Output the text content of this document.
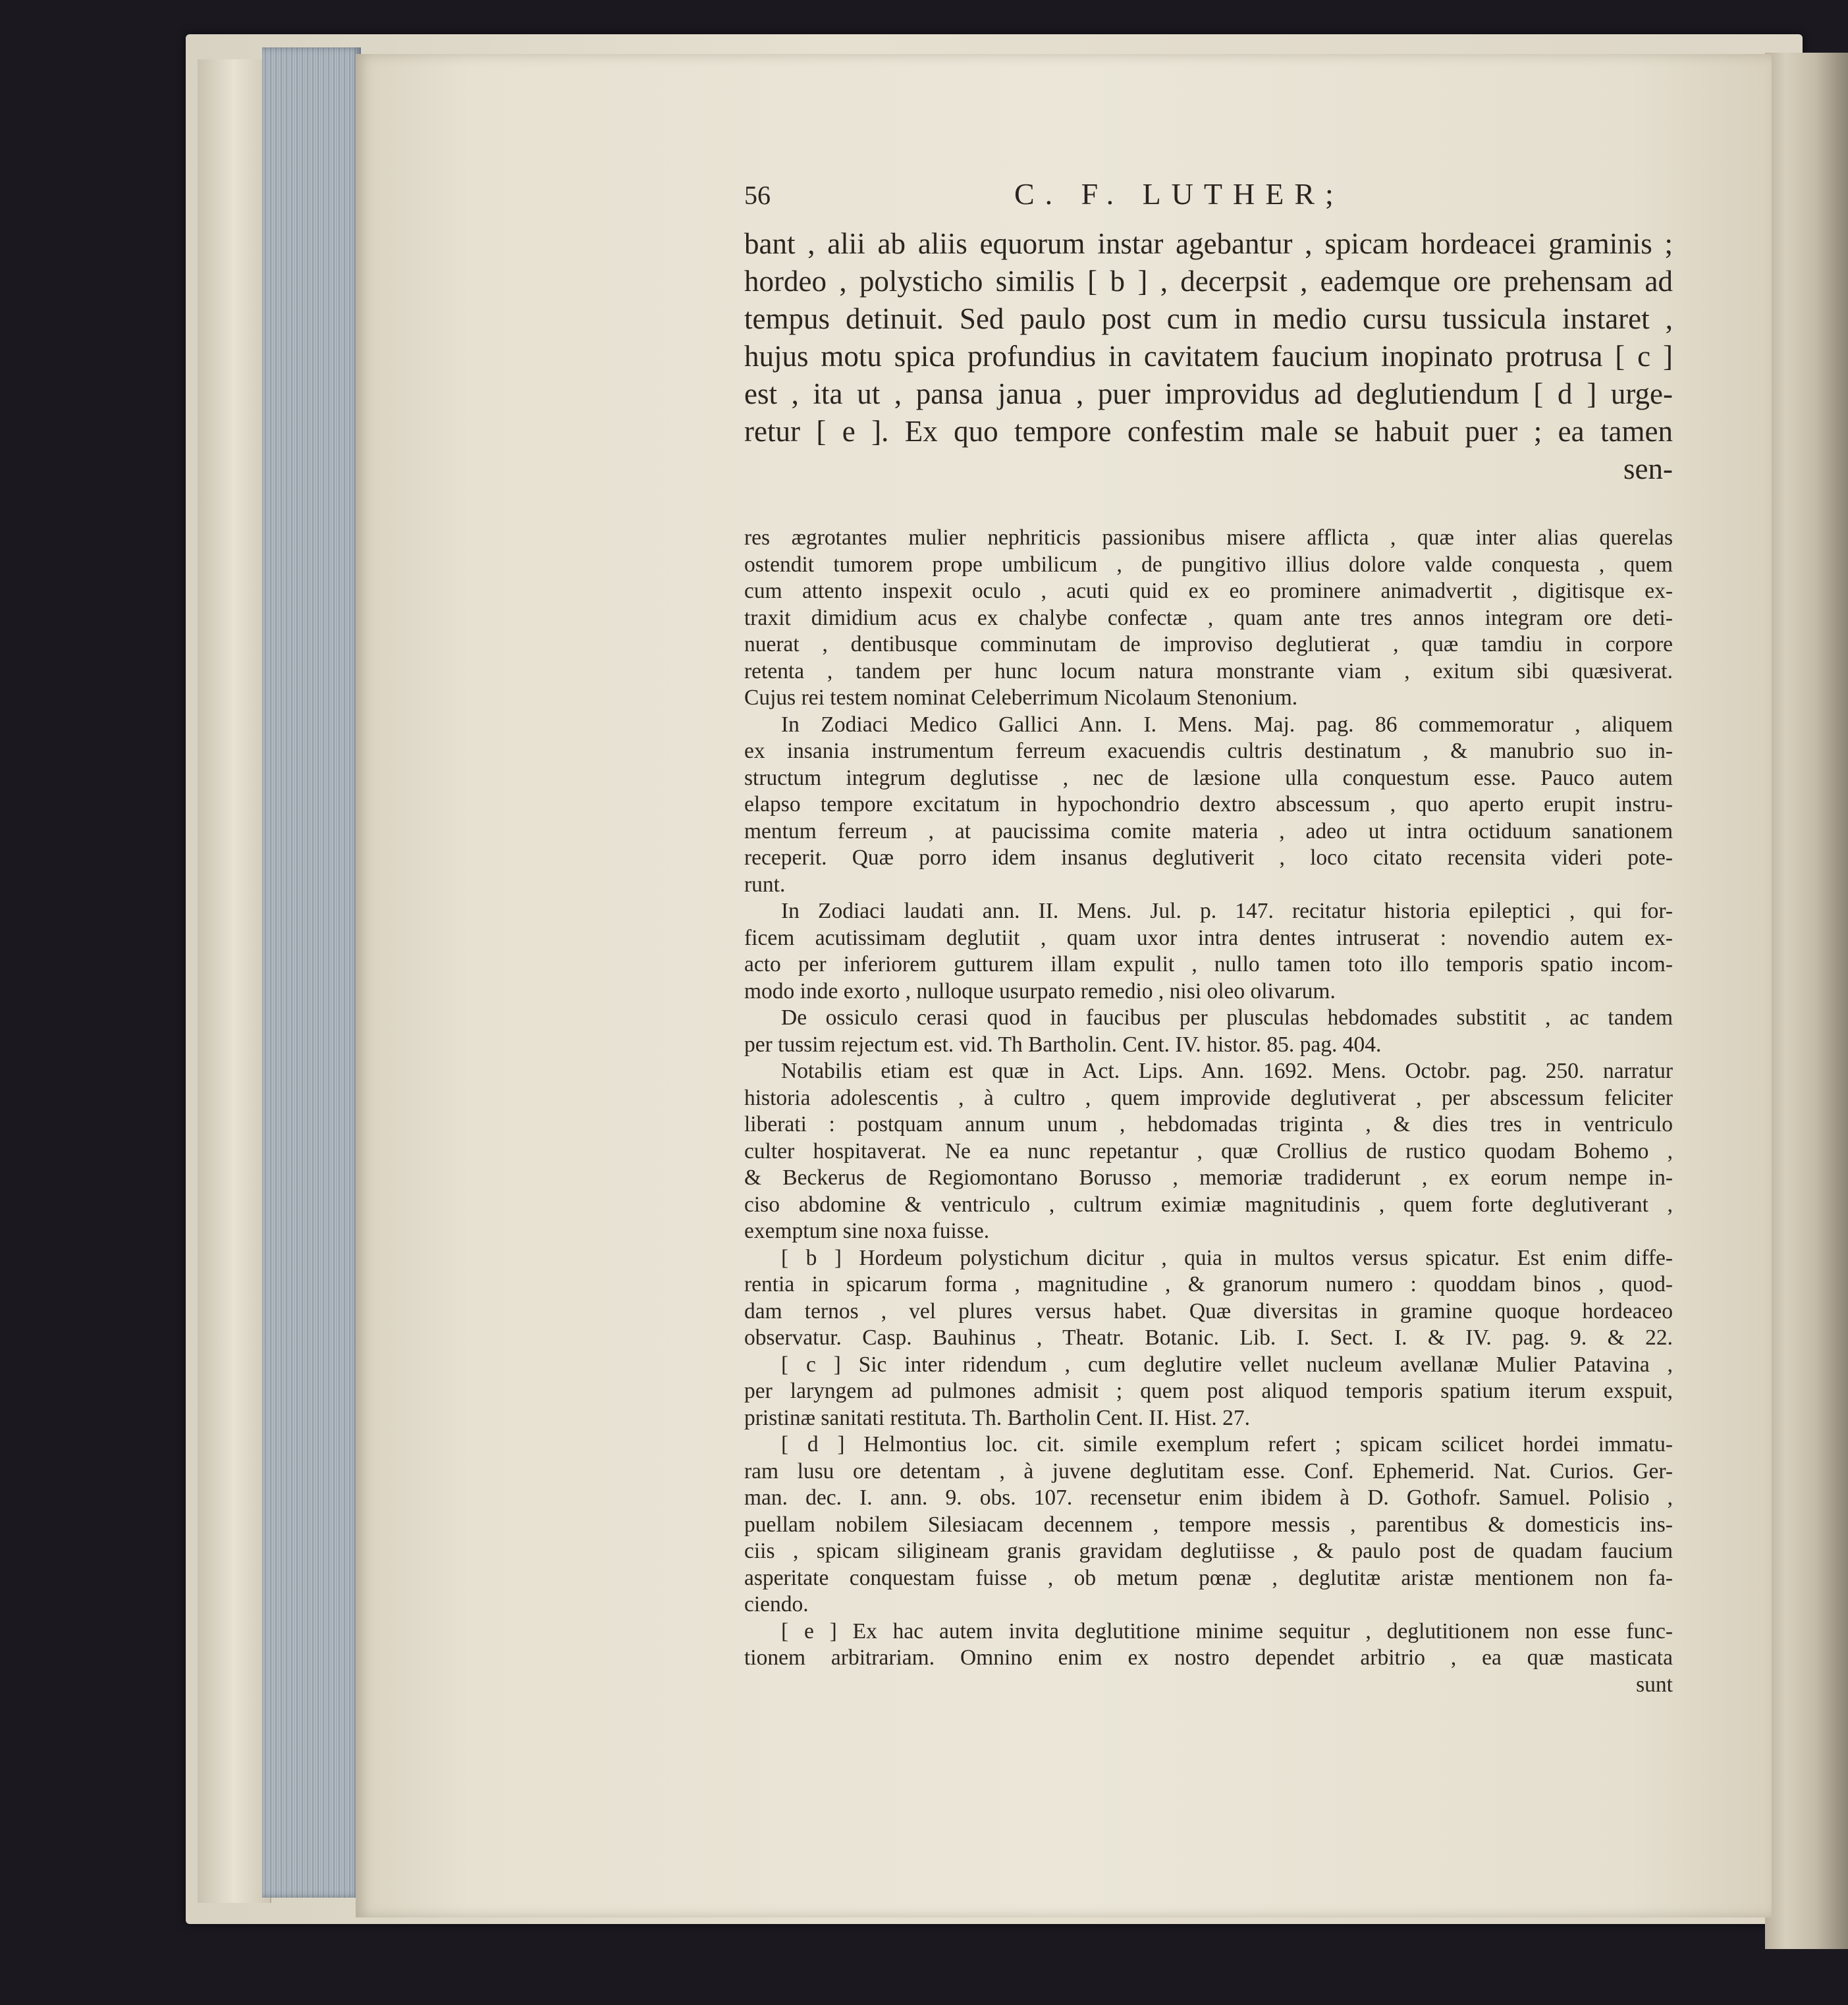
56	C. F. LUTHER;
bant , alii ab aliis equorum instar agebantur , spicam hordeacei graminis ;
hordeo , polysticho similis [ b ] , decerpsit , eademque ore prehensam ad
tempus detinuit. Sed paulo post cum in medio cursu tussicula instaret ,
hujus motu spica profundius in cavitatem faucium inopinato protrusa [ c ]
est , ita ut , pansa janua , puer improvidus ad deglutiendum [ d ] urge-
retur [ e ]. Ex quo tempore confestim male se habuit puer ; ea tamen
sen-
res ægrotantes mulier nephriticis passionibus misere afflicta , quæ inter alias querelas
ostendit tumorem prope umbilicum , de pungitivo illius dolore valde conquesta , quem
cum attento inspexit oculo , acuti quid ex eo prominere animadvertit , digitisque ex-
traxit dimidium acus ex chalybe confectæ , quam ante tres annos integram ore deti-
nuerat , dentibusque comminutam de improviso deglutierat , quæ tamdiu in corpore
retenta , tandem per hunc locum natura monstrante viam , exitum sibi quæsiverat.
Cujus rei testem nominat Celeberrimum Nicolaum Stenonium.
In Zodiaci Medico Gallici Ann. I. Mens. Maj. pag. 86 commemoratur , aliquem
ex insania instrumentum ferreum exacuendis cultris destinatum , & manubrio suo in-
structum integrum deglutisse , nec de læsione ulla conquestum esse. Pauco autem
elapso tempore excitatum in hypochondrio dextro abscessum , quo aperto erupit instru-
mentum ferreum , at paucissima comite materia , adeo ut intra octiduum sanationem
receperit. Quæ porro idem insanus deglutiverit , loco citato recensita videri pote-
runt.
In Zodiaci laudati ann. II. Mens. Jul. p. 147. recitatur historia epileptici , qui for-
ficem acutissimam deglutiit , quam uxor intra dentes intruserat : novendio autem ex-
acto per inferiorem gutturem illam expulit , nullo tamen toto illo temporis spatio incom-
modo inde exorto , nulloque usurpato remedio , nisi oleo olivarum.
De ossiculo cerasi quod in faucibus per plusculas hebdomades substitit , ac tandem
per tussim rejectum est. vid. Th Bartholin. Cent. IV. histor. 85. pag. 404.
Notabilis etiam est quæ in Act. Lips. Ann. 1692. Mens. Octobr. pag. 250. narratur
historia adolescentis , à cultro , quem improvide deglutiverat , per abscessum feliciter
liberati : postquam annum unum , hebdomadas triginta , & dies tres in ventriculo
culter hospitaverat. Ne ea nunc repetantur , quæ Crollius de rustico quodam Bohemo ,
& Beckerus de Regiomontano Borusso , memoriæ tradiderunt , ex eorum nempe in-
ciso abdomine & ventriculo , cultrum eximiæ magnitudinis , quem forte deglutiverant ,
exemptum sine noxa fuisse.
[ b ] Hordeum polystichum dicitur , quia in multos versus spicatur. Est enim diffe-
rentia in spicarum forma , magnitudine , & granorum numero : quoddam binos , quod-
dam ternos , vel plures versus habet. Quæ diversitas in gramine quoque hordeaceo
observatur. Casp. Bauhinus , Theatr. Botanic. Lib. I. Sect. I. & IV. pag. 9. & 22.
[ c ] Sic inter ridendum , cum deglutire vellet nucleum avellanæ Mulier Patavina ,
per laryngem ad pulmones admisit ; quem post aliquod temporis spatium iterum exspuit,
pristinæ sanitati restituta. Th. Bartholin Cent. II. Hist. 27.
[ d ] Helmontius loc. cit. simile exemplum refert ; spicam scilicet hordei immatu-
ram lusu ore detentam , à juvene deglutitam esse. Conf. Ephemerid. Nat. Curios. Ger-
man. dec. I. ann. 9. obs. 107. recensetur enim ibidem à D. Gothofr. Samuel. Polisio ,
puellam nobilem Silesiacam decennem , tempore messis , parentibus & domesticis ins-
ciis , spicam siligineam granis gravidam deglutiisse , & paulo post de quadam faucium
asperitate conquestam fuisse , ob metum pœnæ , deglutitæ aristæ mentionem non fa-
ciendo.
[ e ] Ex hac autem invita deglutitione minime sequitur , deglutitionem non esse func-
tionem arbitrariam. Omnino enim ex nostro dependet arbitrio , ea quæ masticata
sunt
